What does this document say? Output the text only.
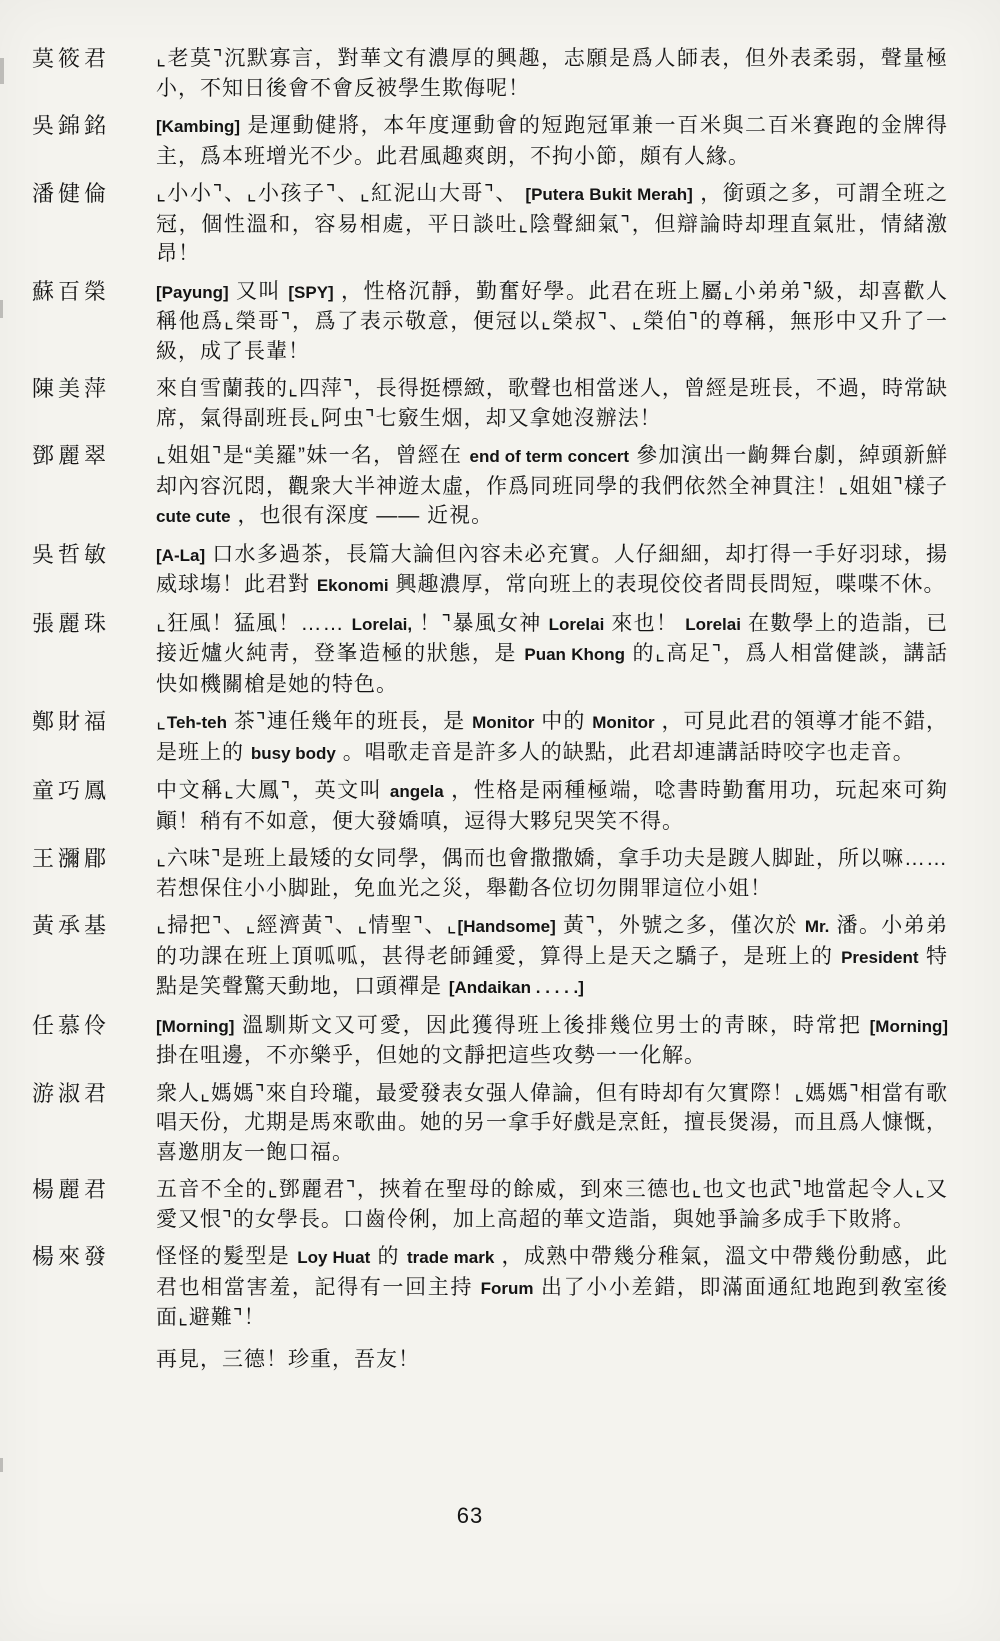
莫筱君	⌞老莫⌝沉默寡言，對華文有濃厚的興趣，志願是爲人師表，但外表柔弱，聲量極小，不知日後會不會反被學生欺侮呢！
吳錦銘	[Kambing] 是運動健將，本年度運動會的短跑冠軍兼一百米與二百米賽跑的金牌得主，爲本班增光不少。此君風趣爽朗，不拘小節，頗有人緣。
潘健倫	⌞小小⌝、⌞小孩子⌝、⌞紅泥山大哥⌝、 [Putera Bukit Merah] ，銜頭之多，可謂全班之冠，個性溫和，容易相處，平日談吐⌞陰聲細氣⌝，但辯論時却理直氣壯，情緒激昂！
蘇百榮	[Payung] 又叫 [SPY] ，性格沉靜，勤奮好學。此君在班上屬⌞小弟弟⌝級，却喜歡人稱他爲⌞榮哥⌝，爲了表示敬意，便冠以⌞榮叔⌝、⌞榮伯⌝的尊稱，無形中又升了一級，成了長輩！
陳美萍	來自雪蘭莪的⌞四萍⌝，長得挺標緻，歌聲也相當迷人，曾經是班長，不過，時常缺席，氣得副班長⌞阿虫⌝七竅生烟，却又拿她沒辦法！
鄧麗翠	⌞姐姐⌝是“美羅”妹一名，曾經在 end of term concert 參加演出一齣舞台劇，綽頭新鮮却內容沉悶，觀衆大半神遊太虛，作爲同班同學的我們依然全神貫注！⌞姐姐⌝樣子 cute cute ，也很有深度 —— 近視。
吳哲敏	[A-La] 口水多過茶，長篇大論但內容未必充實。人仔細細，却打得一手好羽球，揚威球塲！此君對 Ekonomi 興趣濃厚，常向班上的表現佼佼者問長問短，喋喋不休。
張麗珠	⌞狂風！猛風！…… Lorelai, ！⌝暴風女神 Lorelai 來也！ Lorelai 在數學上的造詣，已接近爐火純靑，登峯造極的狀態，是 Puan Khong 的⌞高足⌝，爲人相當健談，講話快如機關槍是她的特色。
鄭財福	⌞Teh-teh 茶⌝連任幾年的班長，是 Monitor 中的 Monitor ，可見此君的領導才能不錯，是班上的 busy body 。唱歌走音是許多人的缺點，此君却連講話時咬字也走音。
童巧鳳	中文稱⌞大鳳⌝，英文叫 angela ，性格是兩種極端，唸書時勤奮用功，玩起來可夠顚！稍有不如意，便大發嬌嗔，逗得大夥兒哭笑不得。
王瀰郿	⌞六味⌝是班上最矮的女同學，偶而也會撒撒嬌，拿手功夫是踱人脚趾，所以嘛……若想保住小小脚趾，免血光之災，舉勸各位切勿開罪這位小姐！
黃承基	⌞掃把⌝、⌞經濟黃⌝、⌞情聖⌝、⌞[Handsome] 黃⌝，外號之多，僅次於 Mr. 潘。小弟弟的功課在班上頂呱呱，甚得老師鍾愛，算得上是天之驕子，是班上的 President 特點是笑聲驚天動地，口頭禪是 [Andaikan . . . . .]
任慕伶	[Morning] 溫馴斯文又可愛，因此獲得班上後排幾位男士的靑睞，時常把 [Morning] 掛在咀邊，不亦樂乎，但她的文靜把這些攻勢一一化解。
游淑君	衆人⌞媽媽⌝來自玲瓏，最愛發表女强人偉論，但有時却有欠實際！⌞媽媽⌝相當有歌唱天份，尤期是馬來歌曲。她的另一拿手好戲是烹飪，擅長煲湯，而且爲人慷慨，喜邀朋友一飽口福。
楊麗君	五音不全的⌞鄧麗君⌝，挾着在聖母的餘威，到來三德也⌞也文也武⌝地當起令人⌞又愛又恨⌝的女學長。口齒伶俐，加上高超的華文造詣，與她爭論多成手下敗將。
楊來發	怪怪的髮型是 Loy Huat 的 trade mark ，成熟中帶幾分稚氣，溫文中帶幾份動感，此君也相當害羞，記得有一回主持 Forum 出了小小差錯，即滿面通紅地跑到敎室後面⌞避難⌝！

再見，三德！珍重，吾友！

63
